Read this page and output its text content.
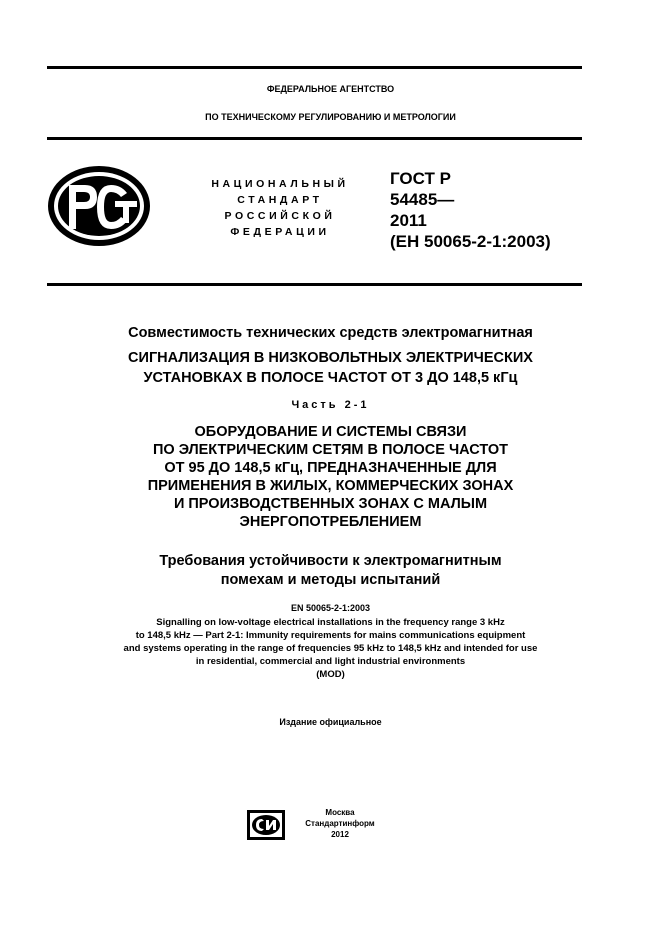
ФЕДЕРАЛЬНОЕ АГЕНТСТВО
ПО ТЕХНИЧЕСКОМУ РЕГУЛИРОВАНИЮ И МЕТРОЛОГИИ
НАЦИОНАЛЬНЫЙ
СТАНДАРТ
РОССИЙСКОЙ
ФЕДЕРАЦИИ
ГОСТ Р
54485—
2011
(ЕН 50065-2-1:2003)
Совместимость технических средств электромагнитная
СИГНАЛИЗАЦИЯ В НИЗКОВОЛЬТНЫХ ЭЛЕКТРИЧЕСКИХ
УСТАНОВКАХ В ПОЛОСЕ ЧАСТОТ ОТ 3 ДО 148,5 кГц
Часть 2-1
ОБОРУДОВАНИЕ И СИСТЕМЫ СВЯЗИ
ПО ЭЛЕКТРИЧЕСКИМ СЕТЯМ В ПОЛОСЕ ЧАСТОТ
ОТ 95 ДО 148,5 кГц, ПРЕДНАЗНАЧЕННЫЕ ДЛЯ
ПРИМЕНЕНИЯ В ЖИЛЫХ, КОММЕРЧЕСКИХ ЗОНАХ
И ПРОИЗВОДСТВЕННЫХ ЗОНАХ С МАЛЫМ
ЭНЕРГОПОТРЕБЛЕНИЕМ
Требования устойчивости к электромагнитным
помехам и методы испытаний
EN 50065-2-1:2003
Signalling on low-voltage electrical installations in the frequency range 3 kHz
to 148,5 kHz — Part 2-1: Immunity requirements for mains communications equipment
and systems operating in the range of frequencies 95 kHz to 148,5 kHz and intended for use
in residential, commercial and light industrial environments
(MOD)
Издание официальное
Москва
Стандартинформ
2012
